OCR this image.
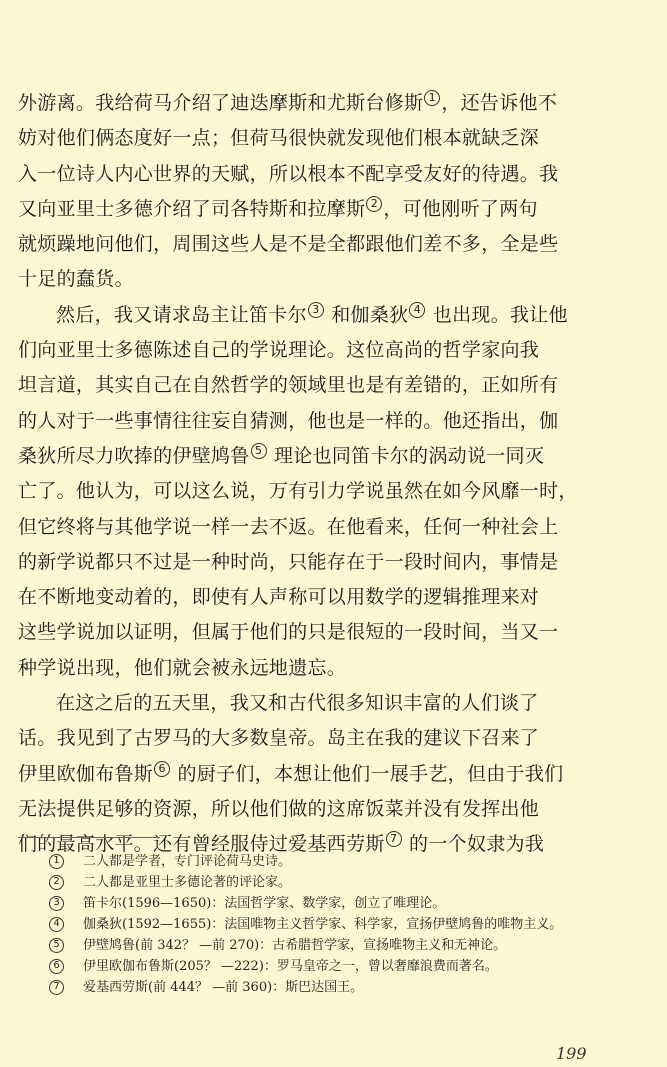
外游离。我给荷马介绍了迪迭摩斯和尤斯台修斯 1 ，还告诉他不
妨对他们俩态度好一点；但荷马很快就发现他们根本就缺乏深
入一位诗人内心世界的天赋，所以根本不配享受友好的待遇。我
又向亚里士多德介绍了司各特斯和拉摩斯 2 ，可他刚听了两句
就烦躁地问他们，周围这些人是不是全都跟他们差不多，全是些
十足的蠢货。
然后，我又请求岛主让笛卡尔 3 和伽桑狄 4 也出现。我让他
们向亚里士多德陈述自己的学说理论。这位高尚的哲学家向我
坦言道，其实自己在自然哲学的领域里也是有差错的，正如所有
的人对于一些事情往往妄自猜测，他也是一样的。他还指出，伽
桑狄所尽力吹捧的伊壁鸠鲁 5 理论也同笛卡尔的涡动说一同灭
亡了。他认为，可以这么说，万有引力学说虽然在如今风靡一时，
但它终将与其他学说一样一去不返。在他看来，任何一种社会上
的新学说都只不过是一种时尚，只能存在于一段时间内，事情是
在不断地变动着的，即使有人声称可以用数学的逻辑推理来对
这些学说加以证明，但属于他们的只是很短的一段时间，当又一
种学说出现，他们就会被永远地遗忘。
在这之后的五天里，我又和古代很多知识丰富的人们谈了
话。我见到了古罗马的大多数皇帝。岛主在我的建议下召来了
伊里欧伽布鲁斯 6 的厨子们，本想让他们一展手艺，但由于我们
无法提供足够的资源，所以他们做的这席饭菜并没有发挥出他
们的最高水平。还有曾经服侍过爱基西劳斯 7 的一个奴隶为我
1	二人都是学者，专门评论荷马史诗。
2	二人都是亚里士多德论著的评论家。
3	笛卡尔(1596—1650)：法国哲学家、数学家，创立了唯理论。
4	伽桑狄(1592—1655)：法国唯物主义哲学家、科学家，宣扬伊壁鸠鲁的唯物主义。
5	伊壁鸠鲁(前 342？ —前 270)：古希腊哲学家，宣扬唯物主义和无神论。
6	伊里欧伽布鲁斯(205？ —222)：罗马皇帝之一，曾以奢靡浪费而著名。
7	爱基西劳斯(前 444？ —前 360)：斯巴达国王。
199
